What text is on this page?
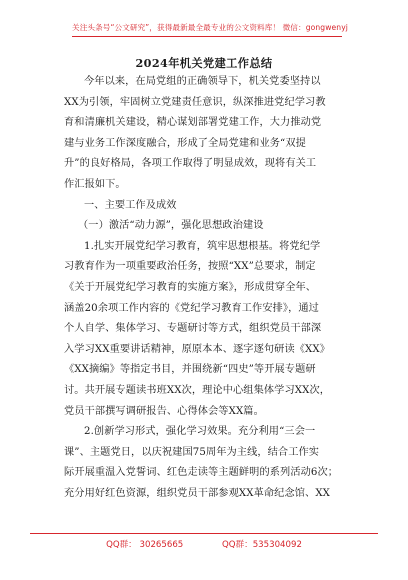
关注头条号“公文研究”，获得最新最全最专业的公文资料库！ 微信：gongwenyj
2024年机关党建工作总结
今年以来，在局党组的正确领导下，机关党委坚持以
XX为引领，牢固树立党建责任意识，纵深推进党纪学习教
育和清廉机关建设，精心谋划部署党建工作，大力推动党
建与业务工作深度融合，形成了全局党建和业务“双提
升”的良好格局，各项工作取得了明显成效，现将有关工
作汇报如下。
一、主要工作及成效
（一）激活“动力源”，强化思想政治建设
1.扎实开展党纪学习教育，筑牢思想根基。将党纪学
习教育作为一项重要政治任务，按照“XX”总要求，制定
《关于开展党纪学习教育的实施方案》，形成贯穿全年、
涵盖20余项工作内容的《党纪学习教育工作安排》，通过
个人自学、集体学习、专题研讨等方式，组织党员干部深
入学习XX重要讲话精神，原原本本、逐字逐句研读《XX》
《XX摘编》等指定书目，并围绕新“四史”等开展专题研
讨。共开展专题读书班XX次，理论中心组集体学习XX次，
党员干部撰写调研报告、心得体会等XX篇。
2.创新学习形式，强化学习效果。充分利用“三会一
课”、主题党日，以庆祝建国75周年为主线，结合工作实
际开展重温入党誓词、红色走读等主题鲜明的系列活动6次；
充分用好红色资源，组织党员干部参观XX革命纪念馆、XX
QQ群： 30265665	QQ群：535304092
